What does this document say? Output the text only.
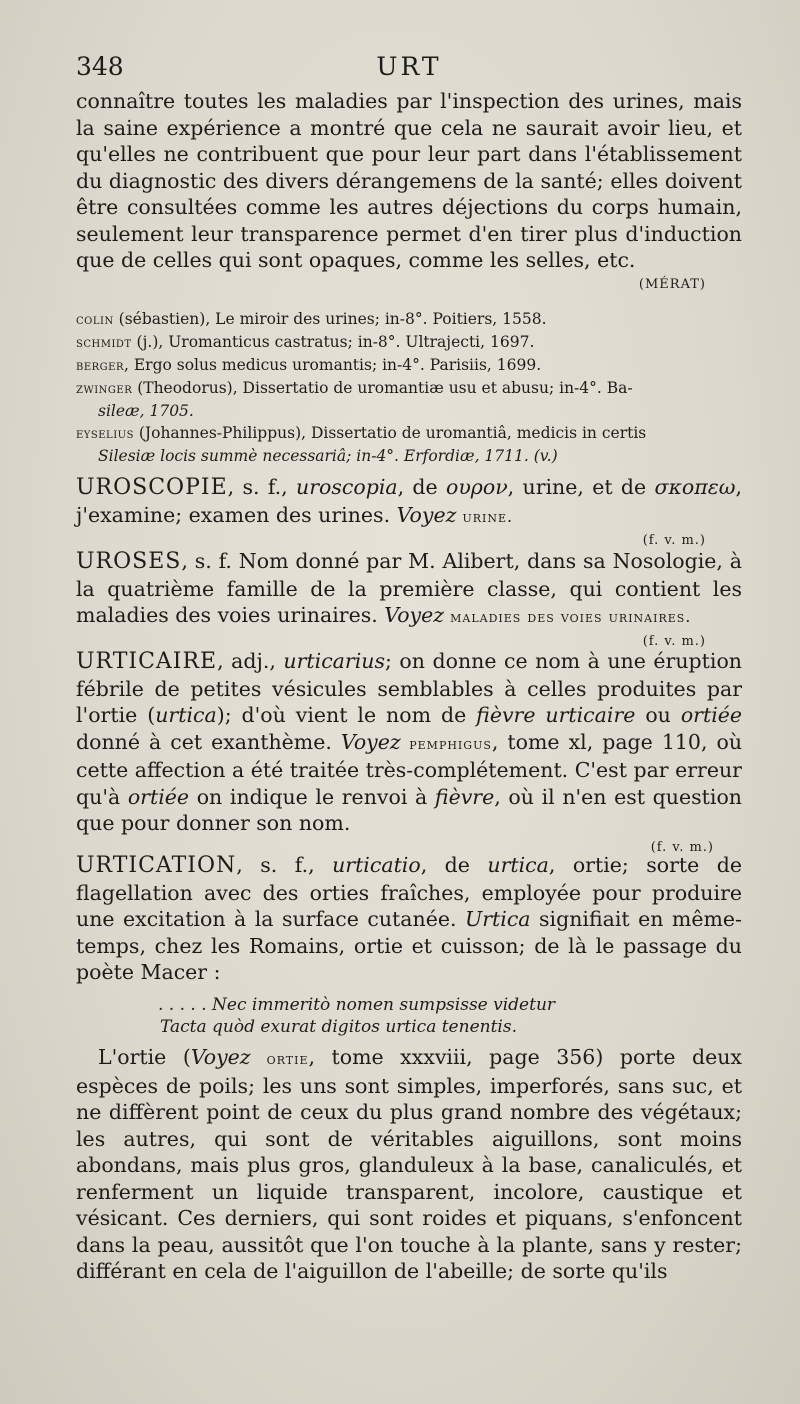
348	URT

connaître toutes les maladies par l'inspection des urines, mais la saine expérience a montré que cela ne saurait avoir lieu, et qu'elles ne contribuent que pour leur part dans l'établissement du diagnostic des divers dérangemens de la santé; elles doivent être consultées comme les autres déjections du corps humain, seulement leur transparence permet d'en tirer plus d'induction que de celles qui sont opaques, comme les selles, etc.

(MÉRAT)

colin (sébastien), Le miroir des urines; in-8°. Poitiers, 1558.

schmidt (j.), Uromanticus castratus; in-8°. Ultrajecti, 1697.

berger, Ergo solus medicus uromantis; in-4°. Parisiis, 1699.

zwinger (Theodorus), Dissertatio de uromantiæ usu et abusu; in-4°. Ba-
sileæ, 1705.

eyselius (Johannes-Philippus), Dissertatio de uromantiâ, medicis in certis
Silesiæ locis summè necessariâ; in-4°. Erfordiæ, 1711. (v.)

UROSCOPIE, s. f., uroscopia, de ουρον, urine, et de σκοπεω, j'examine; examen des urines. Voyez urine.

(f. v. m.)

UROSES, s. f. Nom donné par M. Alibert, dans sa Nosologie, à la quatrième famille de la première classe, qui contient les maladies des voies urinaires. Voyez maladies des voies urinaires.

(f. v. m.)

URTICAIRE, adj., urticarius; on donne ce nom à une éruption fébrile de petites vésicules semblables à celles produites par l'ortie (urtica); d'où vient le nom de fièvre urticaire ou ortiée donné à cet exanthème. Voyez pemphigus, tome xl, page 110, où cette affection a été traitée très-complétement. C'est par erreur qu'à ortiée on indique le renvoi à fièvre, où il n'en est question que pour donner son nom.

(f. v. m.)

URTICATION, s. f., urticatio, de urtica, ortie; sorte de flagellation avec des orties fraîches, employée pour produire une excitation à la surface cutanée. Urtica signifiait en même-temps, chez les Romains, ortie et cuisson; de là le passage du poète Macer :

. . . . . Nec immeritò nomen sumpsisse videtur

Tacta quòd exurat digitos urtica tenentis.

L'ortie (Voyez ortie, tome xxxviii, page 356) porte deux espèces de poils; les uns sont simples, imperforés, sans suc, et ne diffèrent point de ceux du plus grand nombre des végétaux; les autres, qui sont de véritables aiguillons, sont moins abondans, mais plus gros, glanduleux à la base, canaliculés, et renferment un liquide transparent, incolore, caustique et vésicant. Ces derniers, qui sont roides et piquans, s'enfoncent dans la peau, aussitôt que l'on touche à la plante, sans y rester; différant en cela de l'aiguillon de l'abeille; de sorte qu'ils
